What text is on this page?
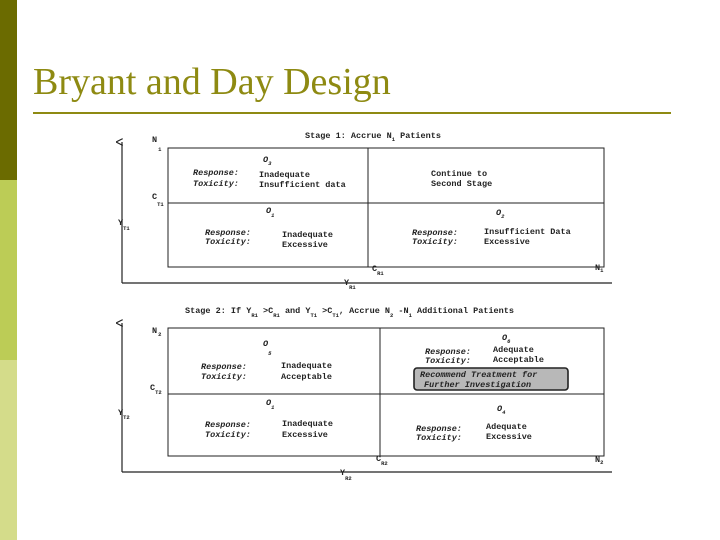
Bryant and Day Design
Stage 1: Accrue $N_1$ Patients
$N_1$
$C_{T1}$
$Y_{T1}$
$C_{R1}$
$N_1$
$Y_{R1}$
$O_3$
$O_1$	$O_2$
Response: Inadequate
Toxicity: Insufficient data
Continue to
Second Stage
Response:	Inadequate
Toxicity:	Excessive
Response:	Insufficient Data
Toxicity:	Excessive
Stage 2: If $Y_{R1} >C_{R1}$ and $Y_{T1} >C_{T1}$, Accrue $N_2$ $-N_1$ Additional Patients
$N_2$
$C_{T2}$
$Y_{T2}$
$C_{R2}$	$N_2$
$Y_{R2}$
$O_5$
$O_6$
$O_1$	$O_4$
Response:	Inadequate
Toxicity:	Acceptable
Response:	Adequate
Toxicity:	Acceptable
Recommend Treatment for
Further Investigation
Response:	Inadequate
Toxicity:	Excessive
Response:	Adequate
Toxicity:	Excessive
